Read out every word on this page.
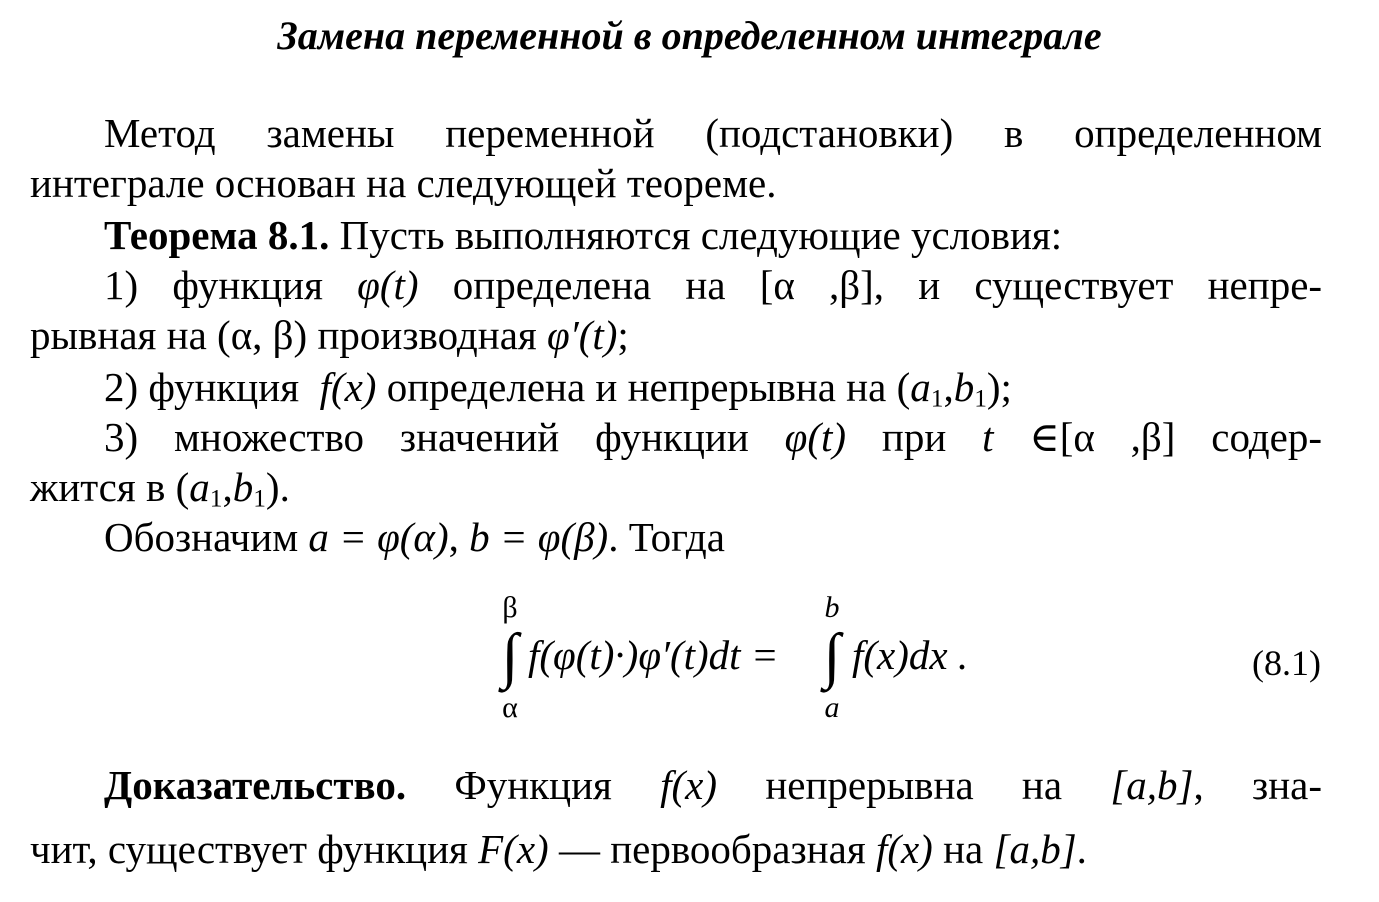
Замена переменной в определенном интеграле
Метод замены переменной (подстановки) в определенном
интеграле основан на следующей теореме.
Теорема 8.1. Пусть выполняются следующие условия:
1) функция φ(t) определена на [α ,β], и существует непре-
рывная на (α, β) производная φ′(t);
2) функция f(x) определена и непрерывна на $(a_1,b_1)$;
3) множество значений функции φ(t) при t ∈[α ,β] содер-
жится в $(a_1,b_1)$.
Обозначим a = φ(α), b = φ(β). Тогда
β
∫
α
f(φ(t)·)φ′(t)dt =
b
∫
a
f(x)dx .	(8.1)
Доказательство. Функция f(x) непрерывна на [a,b], зна-
чит, существует функция F(x) — первообразная f(x) на [a,b].
